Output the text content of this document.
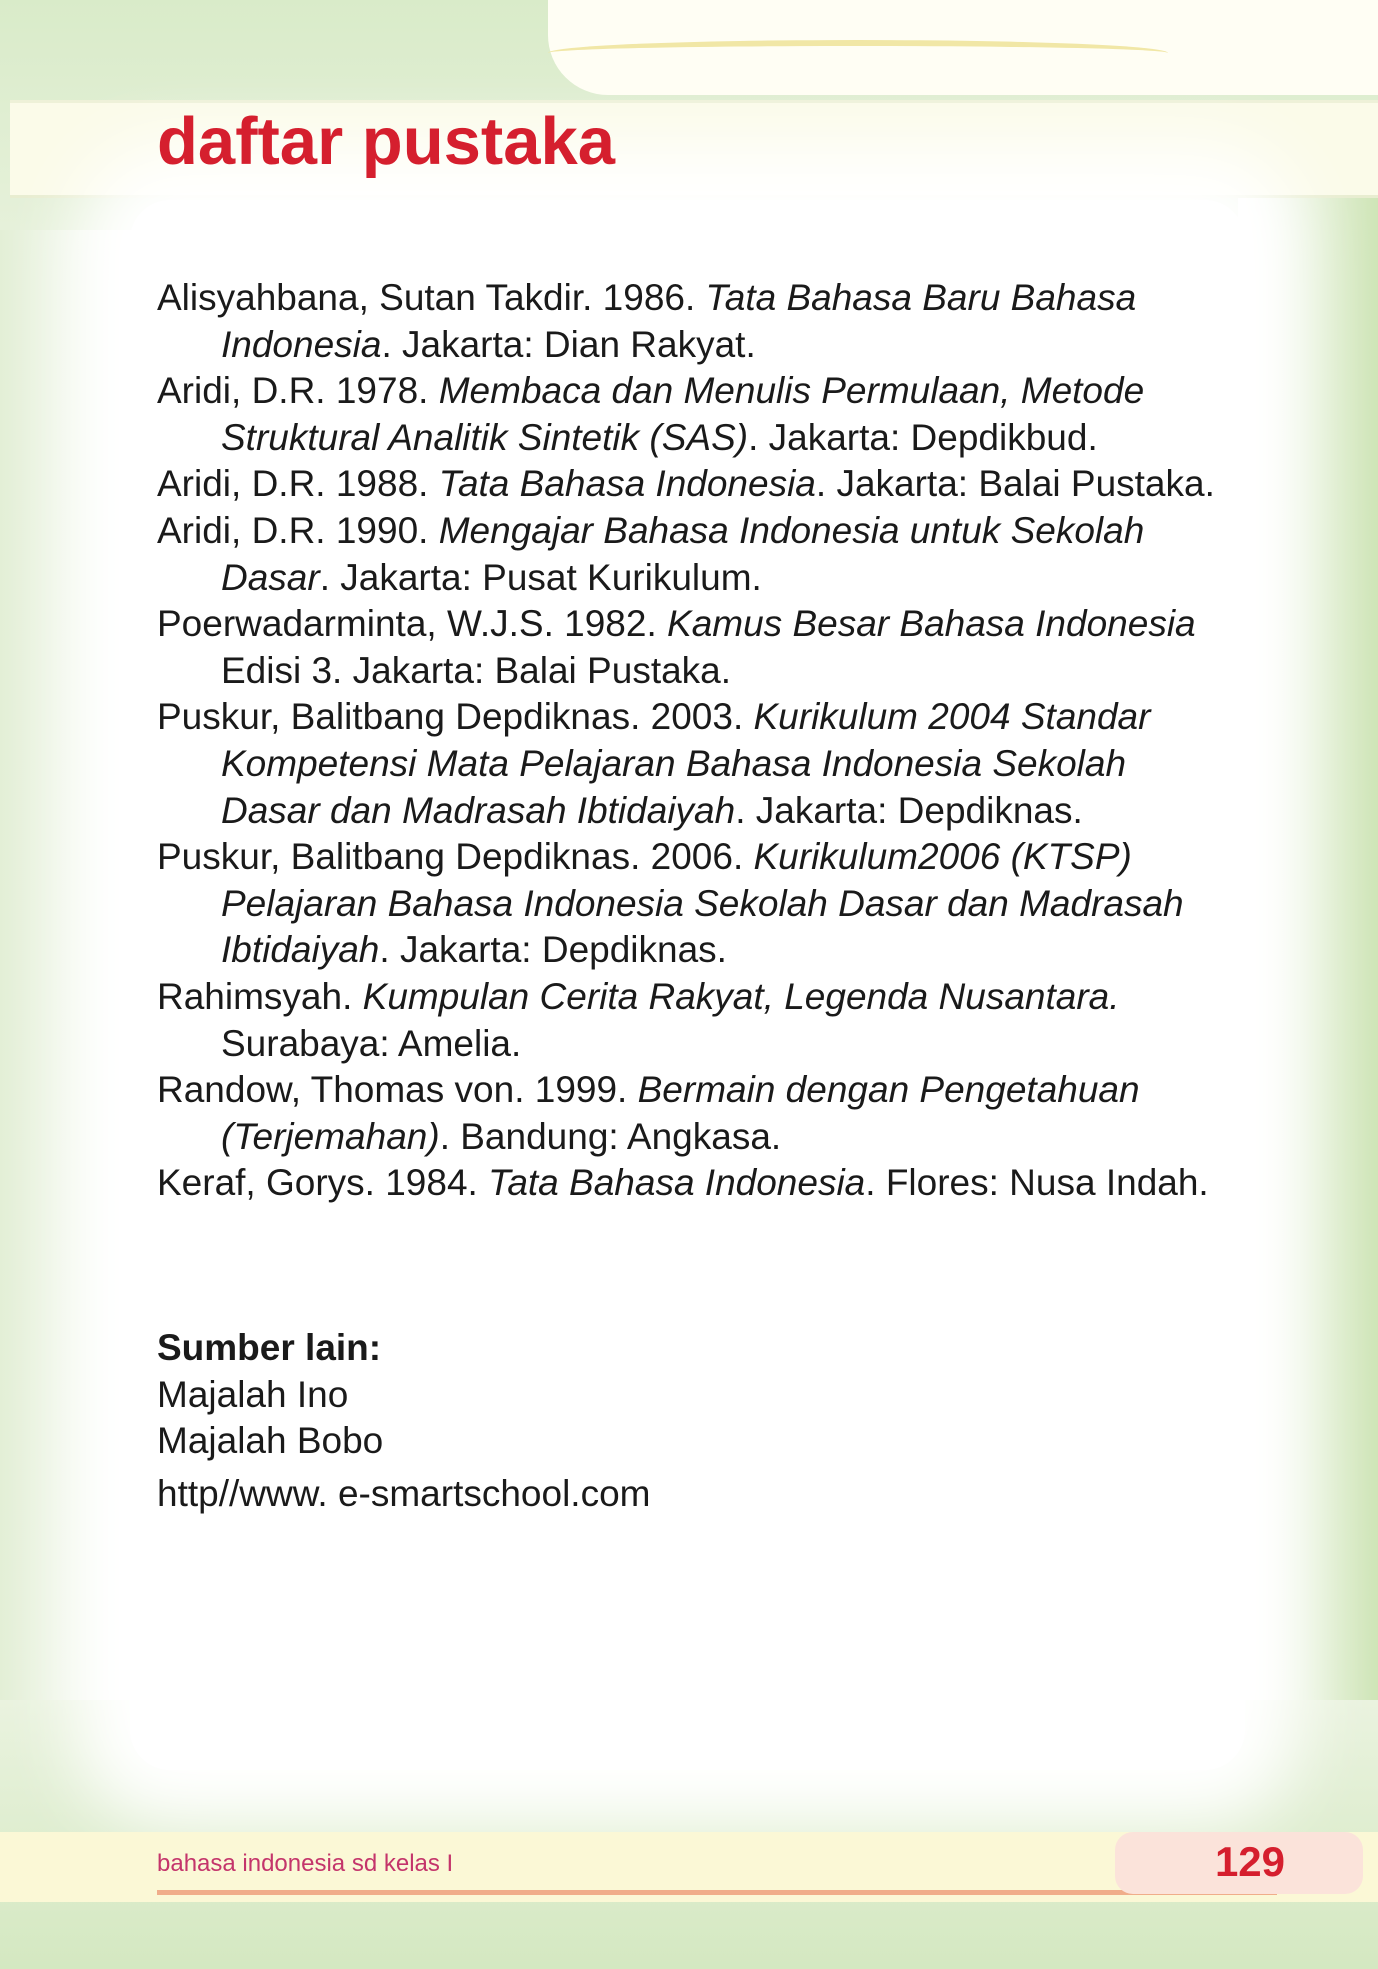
daftar pustaka

Alisyahbana, Sutan Takdir. 1986. Tata Bahasa Baru Bahasa Indonesia. Jakarta: Dian Rakyat.

Aridi, D.R. 1978. Membaca dan Menulis Permulaan, Metode Struktural Analitik Sintetik (SAS). Jakarta: Depdikbud.

Aridi, D.R. 1988. Tata Bahasa Indonesia. Jakarta: Balai Pustaka.

Aridi, D.R. 1990. Mengajar Bahasa Indonesia untuk Sekolah Dasar. Jakarta: Pusat Kurikulum.

Poerwadarminta, W.J.S. 1982. Kamus Besar Bahasa Indonesia Edisi 3. Jakarta: Balai Pustaka.

Puskur, Balitbang Depdiknas. 2003. Kurikulum 2004 Standar Kompetensi Mata Pelajaran Bahasa Indonesia Sekolah Dasar dan Madrasah Ibtidaiyah. Jakarta: Depdiknas.

Puskur, Balitbang Depdiknas. 2006. Kurikulum2006 (KTSP) Pelajaran Bahasa Indonesia Sekolah Dasar dan Madrasah Ibtidaiyah. Jakarta: Depdiknas.

Rahimsyah. Kumpulan Cerita Rakyat, Legenda Nusantara. Surabaya: Amelia.

Randow, Thomas von. 1999. Bermain dengan Pengetahuan (Terjemahan). Bandung: Angkasa.

Keraf, Gorys. 1984. Tata Bahasa Indonesia. Flores: Nusa Indah.

Sumber lain:

Majalah Ino

Majalah Bobo

http//www. e-smartschool.com

bahasa indonesia sd kelas I	129
